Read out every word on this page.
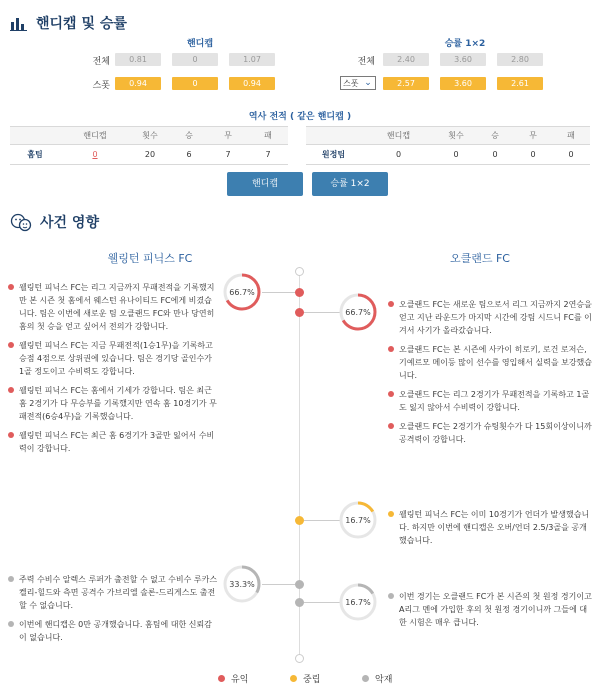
핸디캡 및 승률
핸디캡
전체	0.81	0	1.07
스폿	0.94	0	0.94
승률 1×2
전체	2.40	3.60	2.80
스폿 ⌄	2.57	3.60	2.61
역사 전적 ( 같은 핸디캡 )
	핸디캡	횟수	승	무	패
홈팀	0	20	6	7	7
	핸디캡	횟수	승	무	패
원정팀	0	0	0	0	0
핸디캡	승률 1×2
사건 영향
웰링턴 피닉스 FC	오클랜드 FC
66.7%
66.7%
16.7%
33.3%
16.7%
웰링턴 피닉스 FC는 리그 지금까지 무패전적을 기록했지만 본 시즌 첫 홈에서 웨스턴 유나이티드 FC에게 비겼습니다. 팀은 이번에 새로운 팀 오클랜드 FC와 만나 당연히 홈의 첫 승을 얻고 싶어서 전의가 강합니다.
웰링턴 피닉스 FC는 지금 무패전적(1승1무)을 기록하고 승점 4점으로 상위권에 있습니다. 팀은 경기당 골인수가 1골 정도이고 수비력도 강합니다.
웰링턴 피닉스 FC는 홈에서 기세가 강합니다. 팀은 최근 홈 2경기가 다 무승부를 기록했지만 연속 홈 10경기가 무패전적(6승4무)을 기록했습니다.
웰링턴 피닉스 FC는 최근 홈 6경기가 3골만 잃어서 수비력이 강합니다.
오클랜드 FC는 새로운 팀으로서 리그 지금까지 2연승을 얻고 지난 라운드가 마지막 시간에 강팀 시드니 FC를 이겨서 사기가 올라갔습니다.
오클랜드 FC는 본 시즌에 사카이 히로키, 로건 로저슨, 기예르모 메이등 많이 선수를 영입해서 실력을 보강했습니다.
오클랜드 FC는 리그 2경기가 무패전적을 기록하고 1골도 잃지 않아서 수비력이 강합니다.
오클랜드 FC는 2경기가 슈팅횟수가 다 15회이상이니까 공격력이 강합니다.
웰링턴 피닉스 FC는 이미 10경기가 언더가 발생했습니다. 하지만 이번에 핸디캡은 오버/언더 2.5/3골을 공개했습니다.
주력 수비수 알렉스 루퍼가 출전할 수 없고 수비수 루카스 켈리-힐드와 측면 공격수 가브리엘 솔론-드리게스도 출전할 수 없습니다.
이번에 핸디캡은 0만 공개했습니다. 홈팀에 대한 신뢰감이 없습니다.
이번 경기는 오클랜드 FC가 본 시즌의 첫 원정 경기이고 A리그 멘에 가입한 후의 첫 원정 경기이니까 그들에 대한 시험은 매우 큽니다.
유익	중립	악재
